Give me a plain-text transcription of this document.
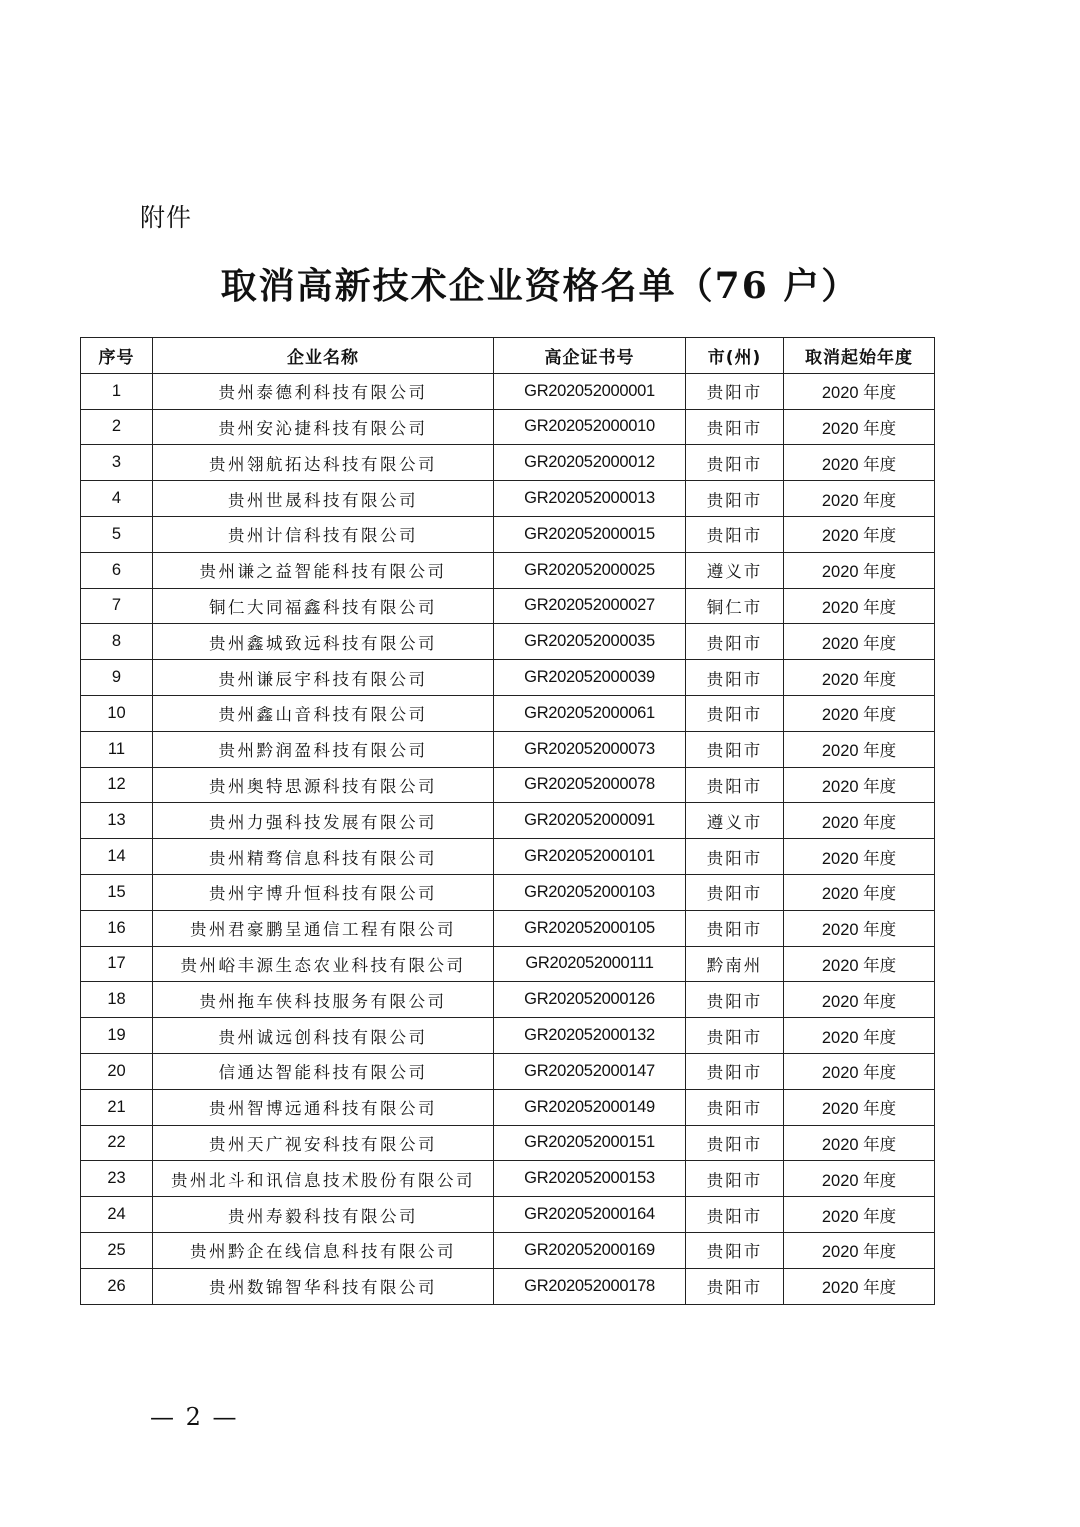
附件
取消高新技术企业资格名单（76 户）
序号	企业名称	高企证书号	市(州)	取消起始年度
1	贵州泰德利科技有限公司	GR202052000001	贵阳市	2020 年度
2	贵州安沁捷科技有限公司	GR202052000010	贵阳市	2020 年度
3	贵州翎航拓达科技有限公司	GR202052000012	贵阳市	2020 年度
4	贵州世晟科技有限公司	GR202052000013	贵阳市	2020 年度
5	贵州计信科技有限公司	GR202052000015	贵阳市	2020 年度
6	贵州谦之益智能科技有限公司	GR202052000025	遵义市	2020 年度
7	铜仁大同福鑫科技有限公司	GR202052000027	铜仁市	2020 年度
8	贵州鑫城致远科技有限公司	GR202052000035	贵阳市	2020 年度
9	贵州谦辰宇科技有限公司	GR202052000039	贵阳市	2020 年度
10	贵州鑫山音科技有限公司	GR202052000061	贵阳市	2020 年度
11	贵州黔润盈科技有限公司	GR202052000073	贵阳市	2020 年度
12	贵州奥特思源科技有限公司	GR202052000078	贵阳市	2020 年度
13	贵州力强科技发展有限公司	GR202052000091	遵义市	2020 年度
14	贵州精骛信息科技有限公司	GR202052000101	贵阳市	2020 年度
15	贵州宇博升恒科技有限公司	GR202052000103	贵阳市	2020 年度
16	贵州君豪鹏呈通信工程有限公司	GR202052000105	贵阳市	2020 年度
17	贵州峪丰源生态农业科技有限公司	GR202052000111	黔南州	2020 年度
18	贵州拖车侠科技服务有限公司	GR202052000126	贵阳市	2020 年度
19	贵州诚远创科技有限公司	GR202052000132	贵阳市	2020 年度
20	信通达智能科技有限公司	GR202052000147	贵阳市	2020 年度
21	贵州智博远通科技有限公司	GR202052000149	贵阳市	2020 年度
22	贵州天广视安科技有限公司	GR202052000151	贵阳市	2020 年度
23	贵州北斗和讯信息技术股份有限公司	GR202052000153	贵阳市	2020 年度
24	贵州寿毅科技有限公司	GR202052000164	贵阳市	2020 年度
25	贵州黔企在线信息科技有限公司	GR202052000169	贵阳市	2020 年度
26	贵州数锦智华科技有限公司	GR202052000178	贵阳市	2020 年度
— 2 —
